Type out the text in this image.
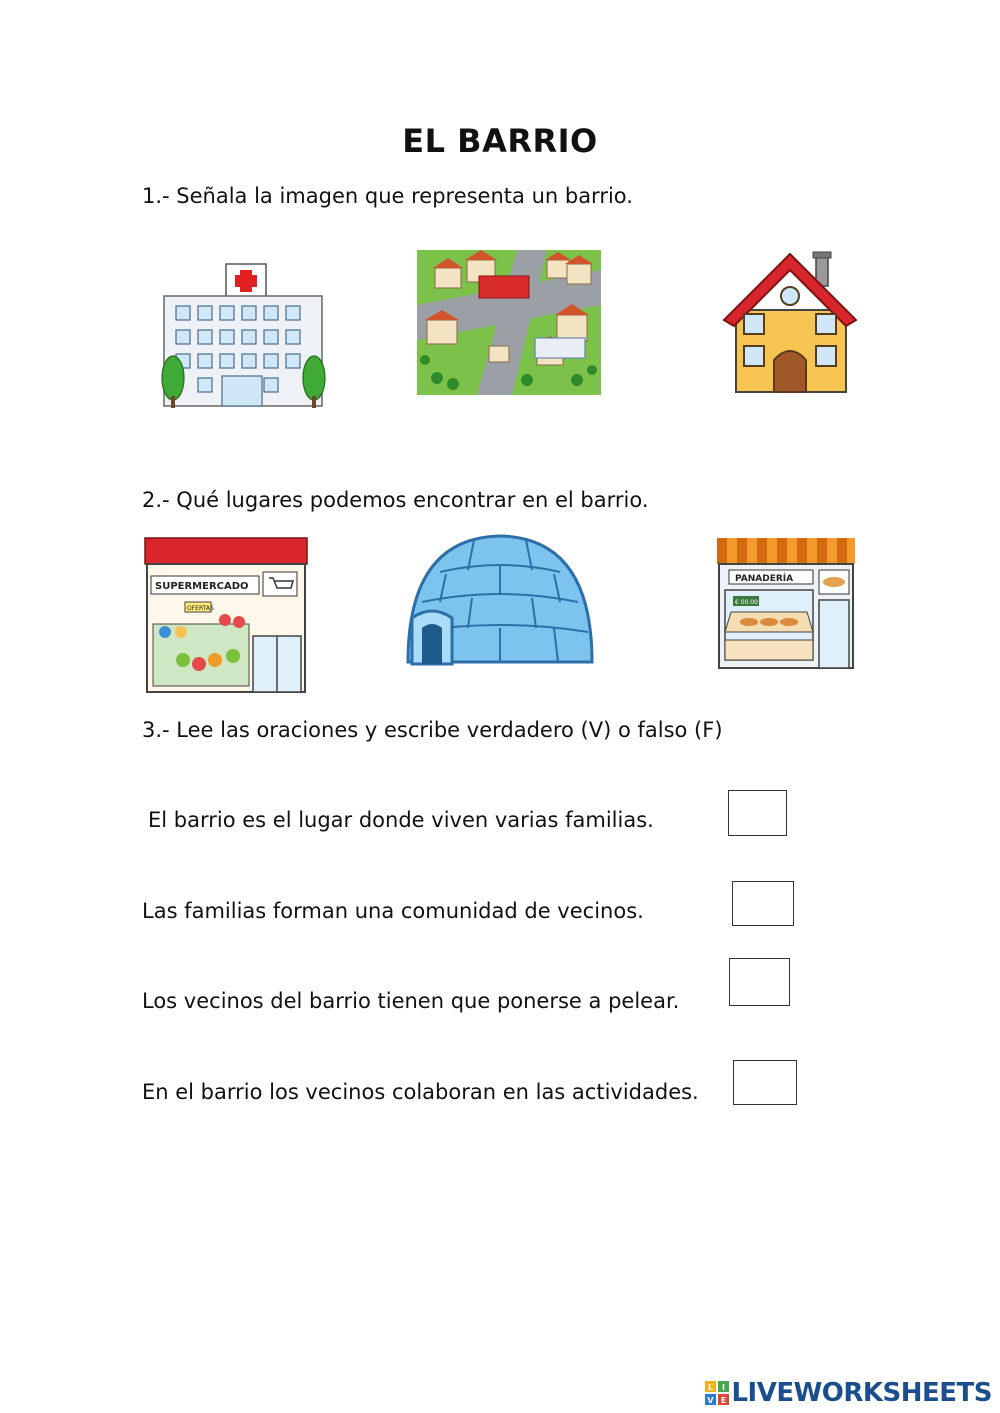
EL BARRIO
1.- Señala la imagen que representa un barrio.
2.- Qué lugares podemos encontrar en el barrio.
SUPERMERCADO
OFERTAS
PANADERÍA
€ 00.00
3.- Lee las oraciones y escribe verdadero (V) o falso (F)
El barrio es el lugar donde viven varias familias.
Las familias forman una comunidad de vecinos.
Los vecinos del barrio tienen que ponerse a pelear.
En el barrio los vecinos colaboran en las actividades.
L I
V E LIVEWORKSHEETS
